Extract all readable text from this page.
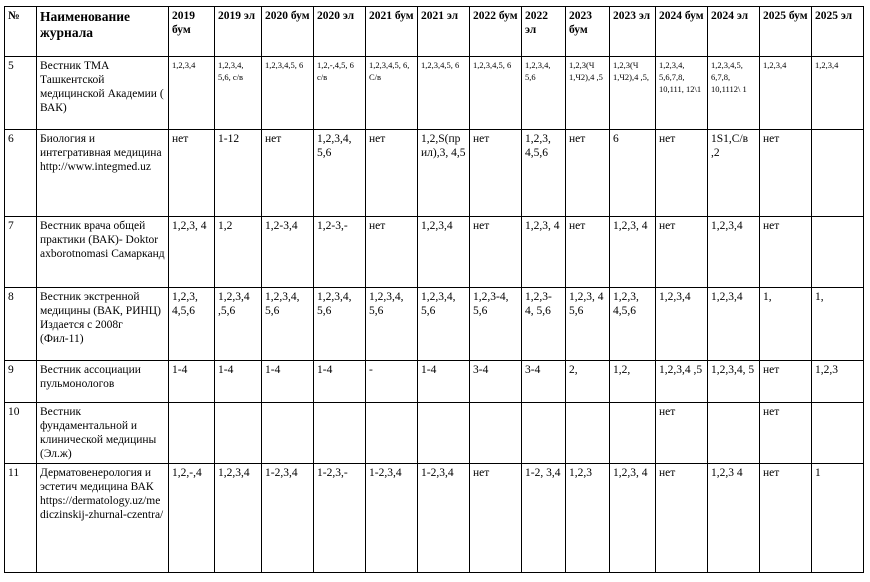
№	Наименование журнала	2019 бум	2019 эл	2020 бум	2020 эл	2021 бум	2021 эл	2022 бум	2022 эл	2023 бум	2023 эл	2024 бум	2024 эл	2025 бум	2025 эл
5	Вестник ТМА Ташкентской медицинской Академии ( ВАК)	1,2,3,4	1,2,3,4, 5,6, с/в	1,2,3,4,5, 6	1,2,-,4,5, 6 с/в	1,2,3,4,5, 6, С/в	1,2,3,4,5, 6	1,2,3,4,5, 6	1,2,3,4, 5,6	1,2,3(Ч 1,Ч2),4 ,5	1,2,3(Ч 1,Ч2),4 ,5,	1,2,3,4, 5,6,7,8, 10,111, 12\1	1,2,3,4,5, 6,7,8, 10,1112\ 1	1,2,3,4	1,2,3,4
6	Биология и интегративная медицина http://www.integmed.uz	нет	1-12	нет	1,2,3,4, 5,6	нет	1,2,S(прил),3, 4,5	нет	1,2,3, 4,5,6	нет	6	нет	1S1,C/в ,2	нет	
7	Вестник врача общей практики (ВАК)- Doktor axborotnomasi Самарканд	1,2,3, 4	1,2	1,2-3,4	1,2-3,-	нет	1,2,3,4	нет	1,2,3, 4	нет	1,2,3, 4	нет	1,2,3,4	нет	
8	Вестник экстренной медицины (ВАК, РИНЦ) Издается с 2008г (Фил-11)	1,2,3, 4,5,6	1,2,3,4 ,5,6	1,2,3,4, 5,6	1,2,3,4, 5,6	1,2,3,4, 5,6	1,2,3,4, 5,6	1,2,3-4, 5,6	1,2,3- 4, 5,6	1,2,3, 4 5,6	1,2,3, 4,5,6	1,2,3,4	1,2,3,4	1,	1,
9	Вестник ассоциации пульмонологов	1-4	1-4	1-4	1-4	-	1-4	3-4	3-4	2,	1,2,	1,2,3,4 ,5	1,2,3,4, 5	нет	1,2,3
10	Вестник фундаментальной и клинической медицины (Эл.ж)											нет		нет	
11	Дерматовенерология и эстетич медицина ВАК https://dermatology.uz/mediczinskij-zhurnal-czentra/	1,2,-,4	1,2,3,4	1-2,3,4	1-2,3,-	1-2,3,4	1-2,3,4	нет	1-2, 3,4	1,2,3	1,2,3, 4	нет	1,2,3 4	нет	1
